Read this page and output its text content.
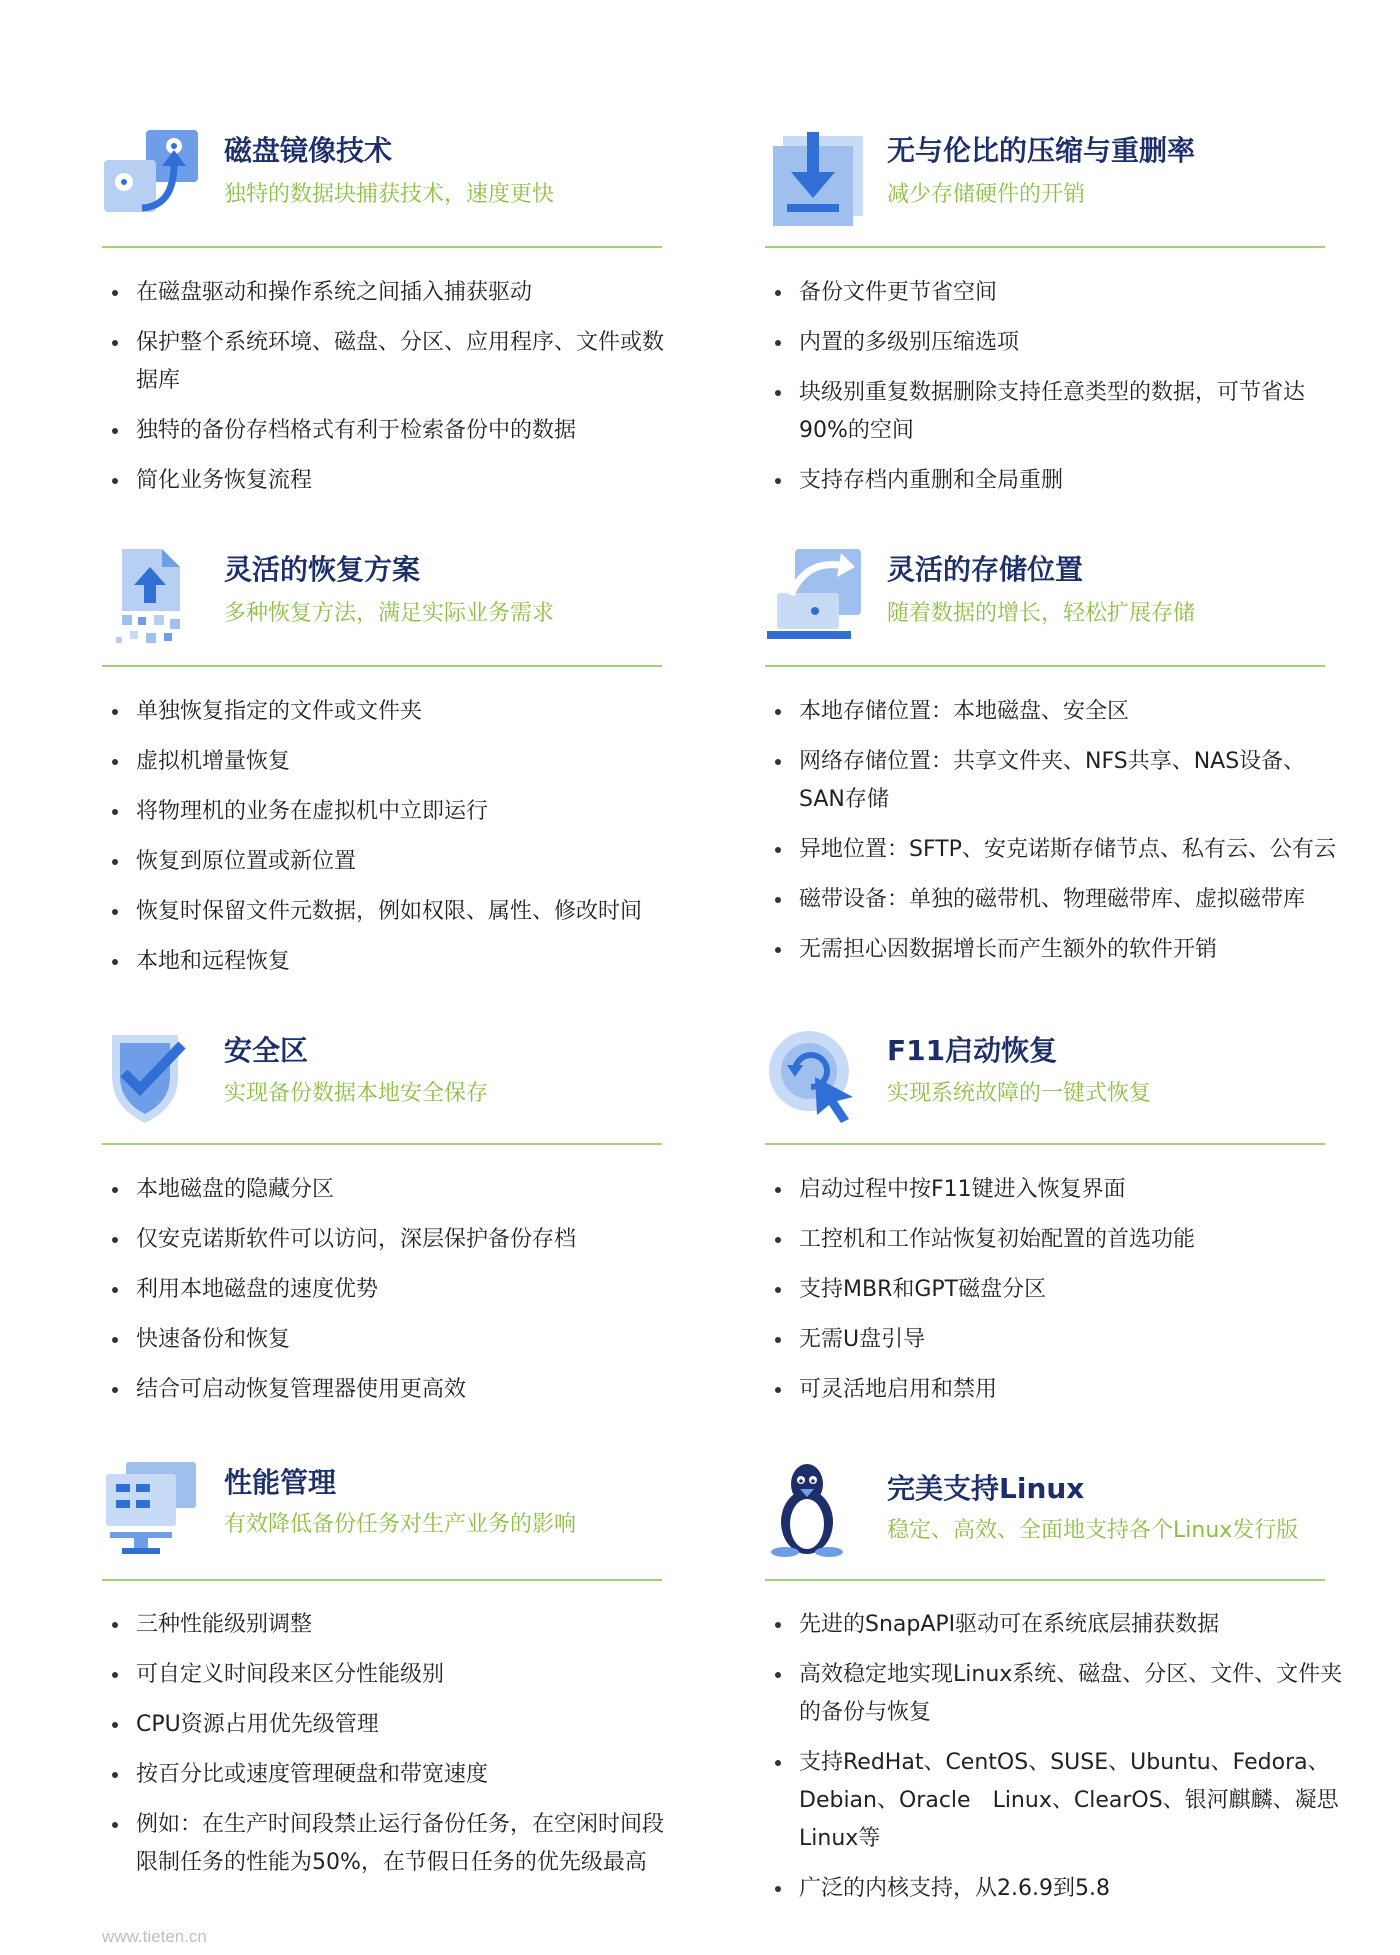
磁盘镜像技术
独特的数据块捕获技术，速度更快
在磁盘驱动和操作系统之间插入捕获驱动
保护整个系统环境、磁盘、分区、应用程序、文件或数据库
独特的备份存档格式有利于检索备份中的数据
简化业务恢复流程
无与伦比的压缩与重删率
减少存储硬件的开销
备份文件更节省空间
内置的多级别压缩选项
块级别重复数据删除支持任意类型的数据，可节省达90%的空间
支持存档内重删和全局重删
灵活的恢复方案
多种恢复方法，满足实际业务需求
单独恢复指定的文件或文件夹
虚拟机增量恢复
将物理机的业务在虚拟机中立即运行
恢复到原位置或新位置
恢复时保留文件元数据，例如权限、属性、修改时间
本地和远程恢复
灵活的存储位置
随着数据的增长，轻松扩展存储
本地存储位置：本地磁盘、安全区
网络存储位置：共享文件夹、NFS共享、NAS设备、SAN存储
异地位置：SFTP、安克诺斯存储节点、私有云、公有云
磁带设备：单独的磁带机、物理磁带库、虚拟磁带库
无需担心因数据增长而产生额外的软件开销
安全区
实现备份数据本地安全保存
本地磁盘的隐藏分区
仅安克诺斯软件可以访问，深层保护备份存档
利用本地磁盘的速度优势
快速备份和恢复
结合可启动恢复管理器使用更高效
F11启动恢复
实现系统故障的一键式恢复
启动过程中按F11键进入恢复界面
工控机和工作站恢复初始配置的首选功能
支持MBR和GPT磁盘分区
无需U盘引导
可灵活地启用和禁用
性能管理
有效降低备份任务对生产业务的影响
三种性能级别调整
可自定义时间段来区分性能级别
CPU资源占用优先级管理
按百分比或速度管理硬盘和带宽速度
例如：在生产时间段禁止运行备份任务，在空闲时间段限制任务的性能为50%，在节假日任务的优先级最高
完美支持Linux
稳定、高效、全面地支持各个Linux发行版
先进的SnapAPI驱动可在系统底层捕获数据
高效稳定地实现Linux系统、磁盘、分区、文件、文件夹的备份与恢复
支持RedHat、CentOS、SUSE、Ubuntu、Fedora、Debian、Oracle　Linux、ClearOS、银河麒麟、凝思Linux等
广泛的内核支持，从2.6.9到5.8
www.tieten.cn
